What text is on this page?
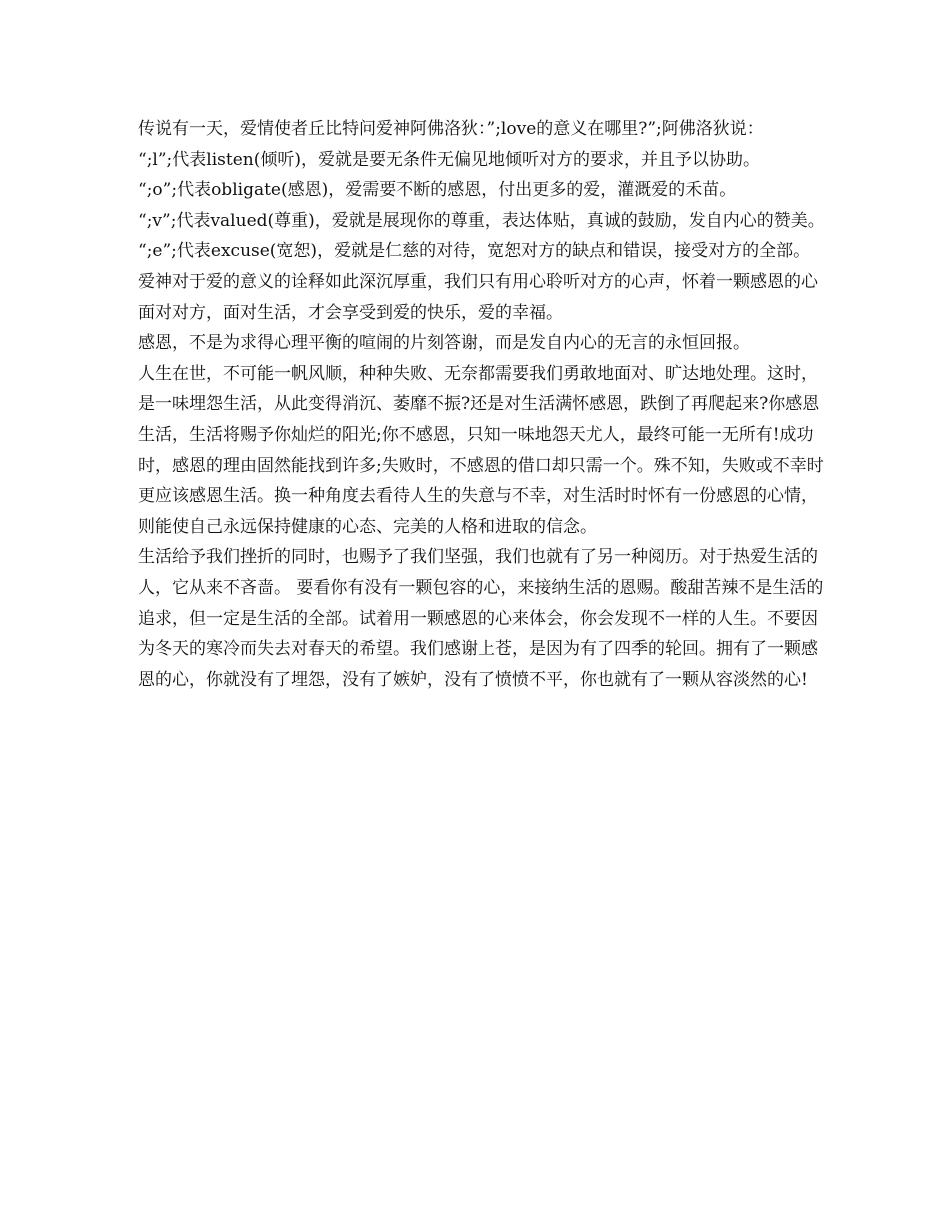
传说有一天，爱情使者丘比特问爱神阿佛洛狄：”;love的意义在哪里?”;阿佛洛狄说：

“;l”;代表listen(倾听)，爱就是要无条件无偏见地倾听对方的要求，并且予以协助。

“;o”;代表obligate(感恩)，爱需要不断的感恩，付出更多的爱，灌溉爱的禾苗。

“;v”;代表valued(尊重)，爱就是展现你的尊重，表达体贴，真诚的鼓励，发自内心的赞美。

“;e”;代表excuse(宽恕)，爱就是仁慈的对待，宽恕对方的缺点和错误，接受对方的全部。

爱神对于爱的意义的诠释如此深沉厚重，我们只有用心聆听对方的心声，怀着一颗感恩的心面对对方，面对生活，才会享受到爱的快乐，爱的幸福。

感恩，不是为求得心理平衡的喧闹的片刻答谢，而是发自内心的无言的永恒回报。

人生在世，不可能一帆风顺，种种失败、无奈都需要我们勇敢地面对、旷达地处理。这时，是一味埋怨生活，从此变得消沉、萎靡不振?还是对生活满怀感恩，跌倒了再爬起来?你感恩生活，生活将赐予你灿烂的阳光;你不感恩，只知一味地怨天尤人，最终可能一无所有!成功时，感恩的理由固然能找到许多;失败时，不感恩的借口却只需一个。殊不知，失败或不幸时更应该感恩生活。换一种角度去看待人生的失意与不幸，对生活时时怀有一份感恩的心情，则能使自己永远保持健康的心态、完美的人格和进取的信念。

生活给予我们挫折的同时，也赐予了我们坚强，我们也就有了另一种阅历。对于热爱生活的人，它从来不吝啬。 要看你有没有一颗包容的心，来接纳生活的恩赐。酸甜苦辣不是生活的追求，但一定是生活的全部。试着用一颗感恩的心来体会，你会发现不一样的人生。不要因为冬天的寒冷而失去对春天的希望。我们感谢上苍，是因为有了四季的轮回。拥有了一颗感恩的心，你就没有了埋怨，没有了嫉妒，没有了愤愤不平，你也就有了一颗从容淡然的心!
